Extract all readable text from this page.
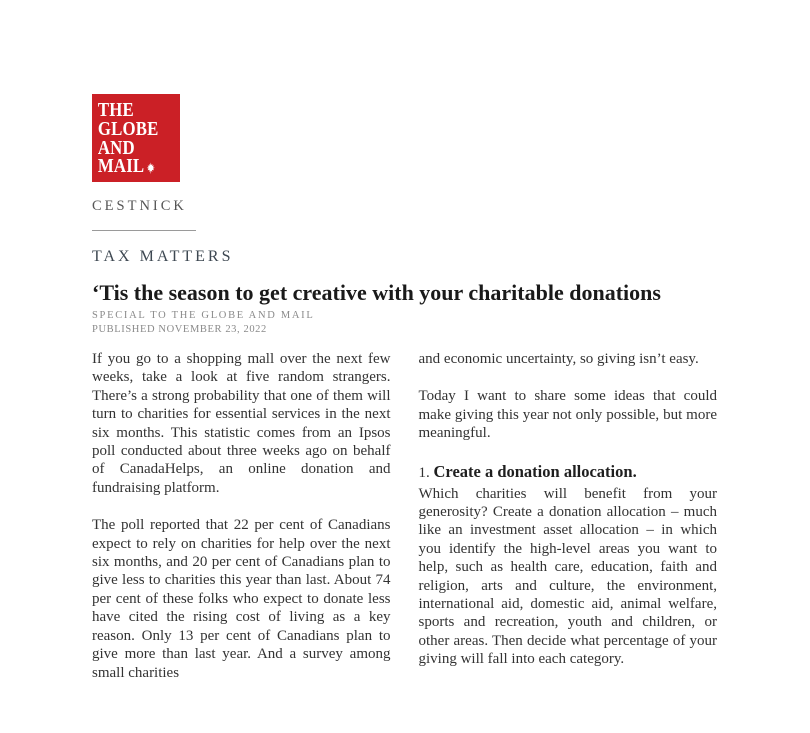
THE
GLOBE
AND
MAIL
CESTNICK
TAX MATTERS
‘Tis the season to get creative with your charitable donations
SPECIAL TO THE GLOBE AND MAIL
PUBLISHED NOVEMBER 23, 2022

If you go to a shopping mall over the next few weeks, take a look at five random strangers. There’s a strong probability that one of them will turn to charities for essential services in the next six months. This statistic comes from an Ipsos poll conducted about three weeks ago on behalf of CanadaHelps, an online donation and fundraising platform.

The poll reported that 22 per cent of Canadians expect to rely on charities for help over the next six months, and 20 per cent of Canadians plan to give less to charities this year than last. About 74 per cent of these folks who expect to donate less have cited the rising cost of living as a key reason. Only 13 per cent of Canadians plan to give more than last year. And a survey among small charities

and economic uncertainty, so giving isn’t easy.

Today I want to share some ideas that could make giving this year not only possible, but more meaningful.

1. Create a donation allocation.

Which charities will benefit from your generosity? Create a donation allocation – much like an investment asset allocation – in which you identify the high-level areas you want to help, such as health care, education, faith and religion, arts and culture, the environment, international aid, domestic aid, animal welfare, sports and recreation, youth and children, or other areas. Then decide what percentage of your giving will fall into each category.
